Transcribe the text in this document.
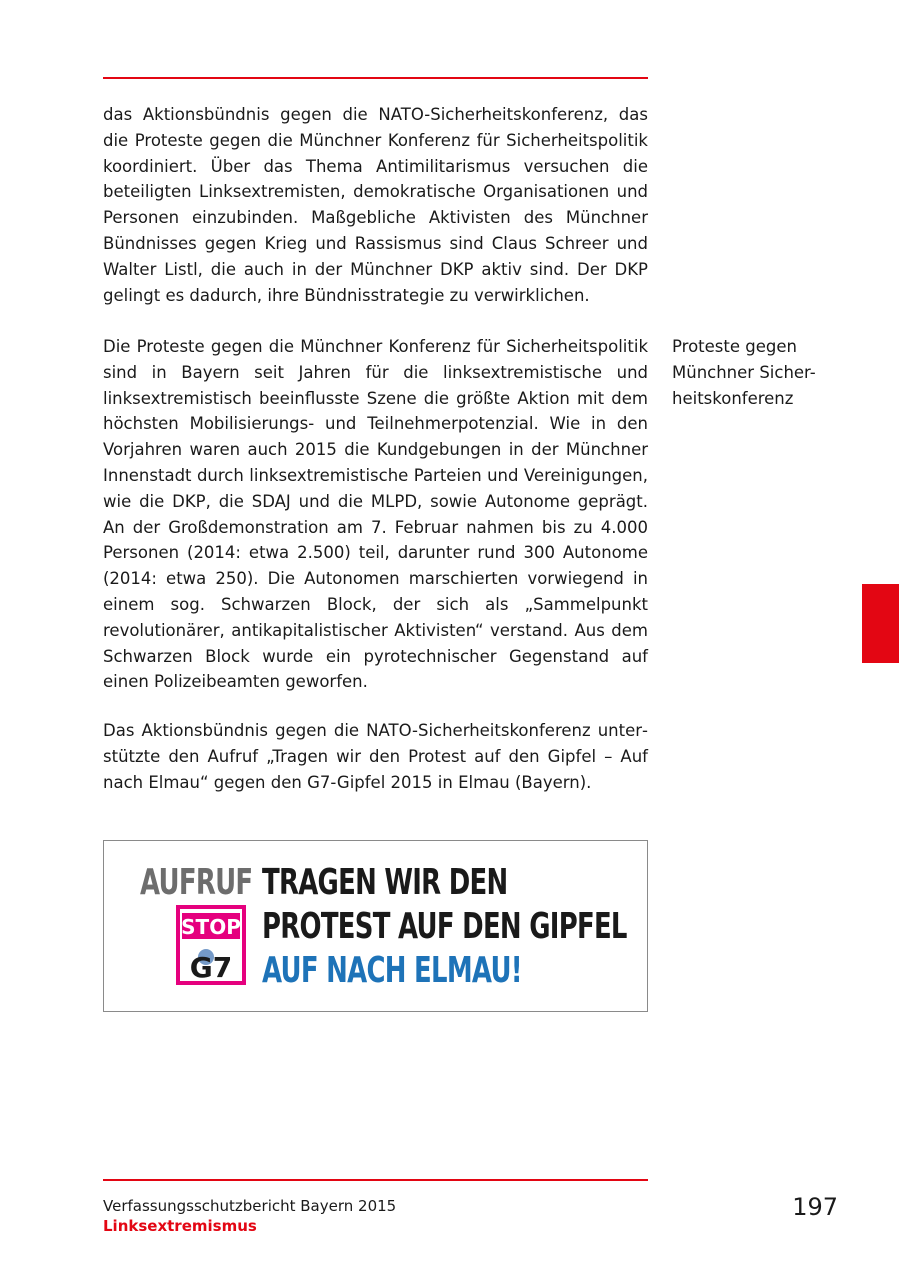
das Aktionsbündnis gegen die NATO-Sicherheitskonferenz, das die Proteste gegen die Münchner Konferenz für Sicherheitspolitik koordiniert. Über das Thema Antimilitarismus versuchen die beteiligten Linksextremisten, demokratische Organisationen und Personen einzubinden. Maßgebliche Aktivisten des Münchner Bündnisses gegen Krieg und Rassismus sind Claus Schreer und Walter Listl, die auch in der Münchner DKP aktiv sind. Der DKP gelingt es dadurch, ihre Bündnisstrategie zu verwirklichen.

Die Proteste gegen die Münchner Konferenz für Sicherheitspolitik sind in Bayern seit Jahren für die linksextremistische und linksextremistisch beeinflusste Szene die größte Aktion mit dem höchsten Mobilisierungs- und Teilnehmerpotenzial. Wie in den Vorjahren waren auch 2015 die Kundgebungen in der Münchner Innenstadt durch linksextremistische Parteien und Vereinigungen, wie die DKP, die SDAJ und die MLPD, sowie Autonome geprägt. An der Großdemonstration am 7. Februar nahmen bis zu 4.000 Personen (2014: etwa 2.500) teil, darunter rund 300 Autonome (2014: etwa 250). Die Autonomen marschierten vorwiegend in einem sog. Schwarzen Block, der sich als „Sammelpunkt revolutionärer, antikapitalistischer Aktivisten“ verstand. Aus dem Schwarzen Block wurde ein pyrotechnischer Gegenstand auf einen Polizeibeamten geworfen.

Proteste gegen
Münchner Sicher-
heitskonferenz

Das Aktionsbündnis gegen die NATO-Sicherheitskonferenz unterstützte den Aufruf „Tragen wir den Protest auf den Gipfel – Auf nach Elmau“ gegen den G7-Gipfel 2015 in Elmau (Bayern).

AUFRUF TRAGEN WIR DEN
PROTEST AUF DEN GIPFEL
AUF NACH ELMAU!
STOP
G7
Verfassungsschutzbericht Bayern 2015
Linksextremismus
197
